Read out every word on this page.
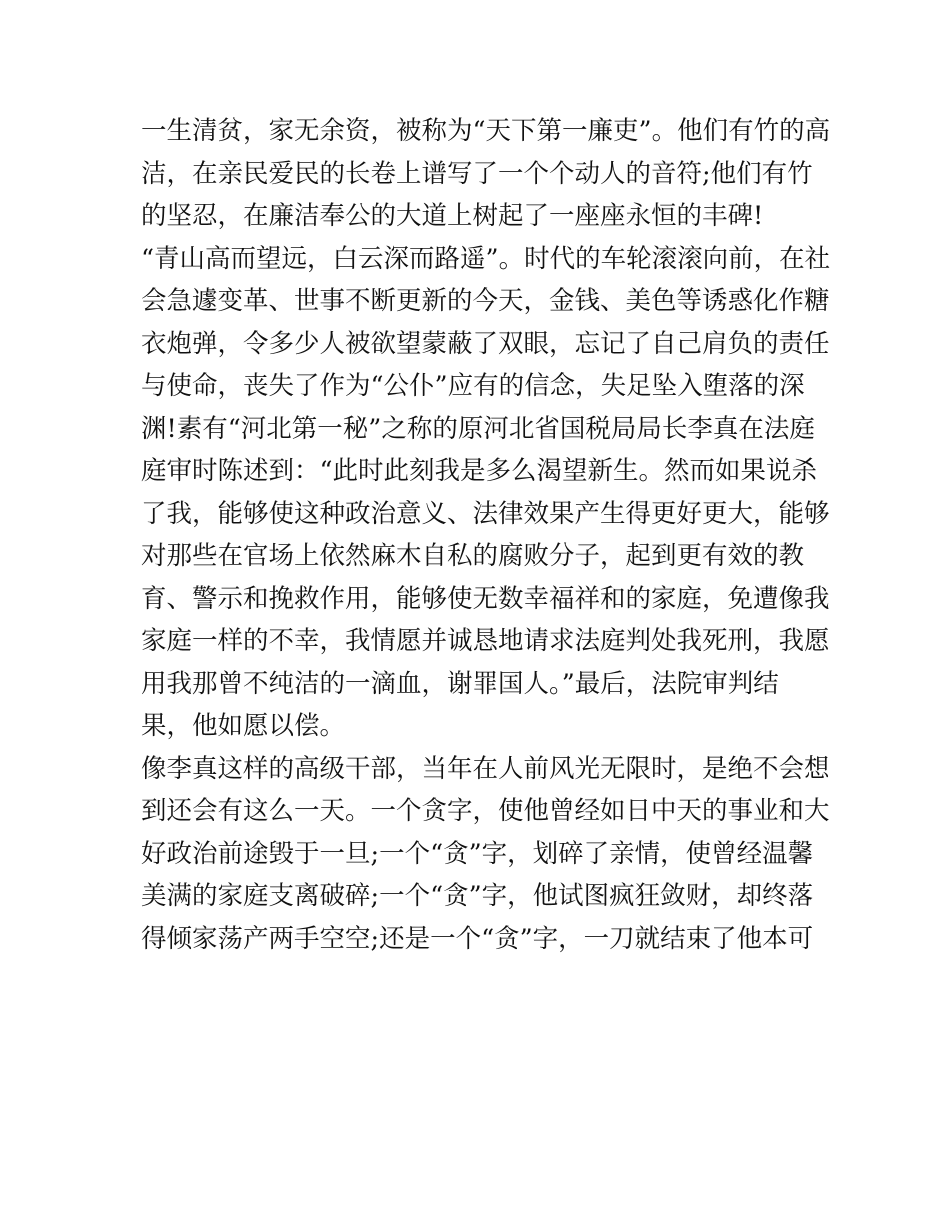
一生清贫，家无余资，被称为“天下第一廉吏”。他们有竹的高
洁，在亲民爱民的长卷上谱写了一个个动人的音符;他们有竹
的坚忍，在廉洁奉公的大道上树起了一座座永恒的丰碑!
“青山高而望远，白云深而路遥”。时代的车轮滚滚向前，在社
会急遽变革、世事不断更新的今天，金钱、美色等诱惑化作糖
衣炮弹，令多少人被欲望蒙蔽了双眼，忘记了自己肩负的责任
与使命，丧失了作为“公仆”应有的信念，失足坠入堕落的深
渊!素有“河北第一秘”之称的原河北省国税局局长李真在法庭
庭审时陈述到：“此时此刻我是多么渴望新生。然而如果说杀
了我，能够使这种政治意义、法律效果产生得更好更大，能够
对那些在官场上依然麻木自私的腐败分子，起到更有效的教
育、警示和挽救作用，能够使无数幸福祥和的家庭，免遭像我
家庭一样的不幸，我情愿并诚恳地请求法庭判处我死刑，我愿
用我那曾不纯洁的一滴血，谢罪国人。”最后，法院审判结
果，他如愿以偿。
像李真这样的高级干部，当年在人前风光无限时，是绝不会想
到还会有这么一天。一个贪字，使他曾经如日中天的事业和大
好政治前途毁于一旦;一个“贪”字，划碎了亲情，使曾经温馨
美满的家庭支离破碎;一个“贪”字，他试图疯狂敛财，却终落
得倾家荡产两手空空;还是一个“贪”字，一刀就结束了他本可
